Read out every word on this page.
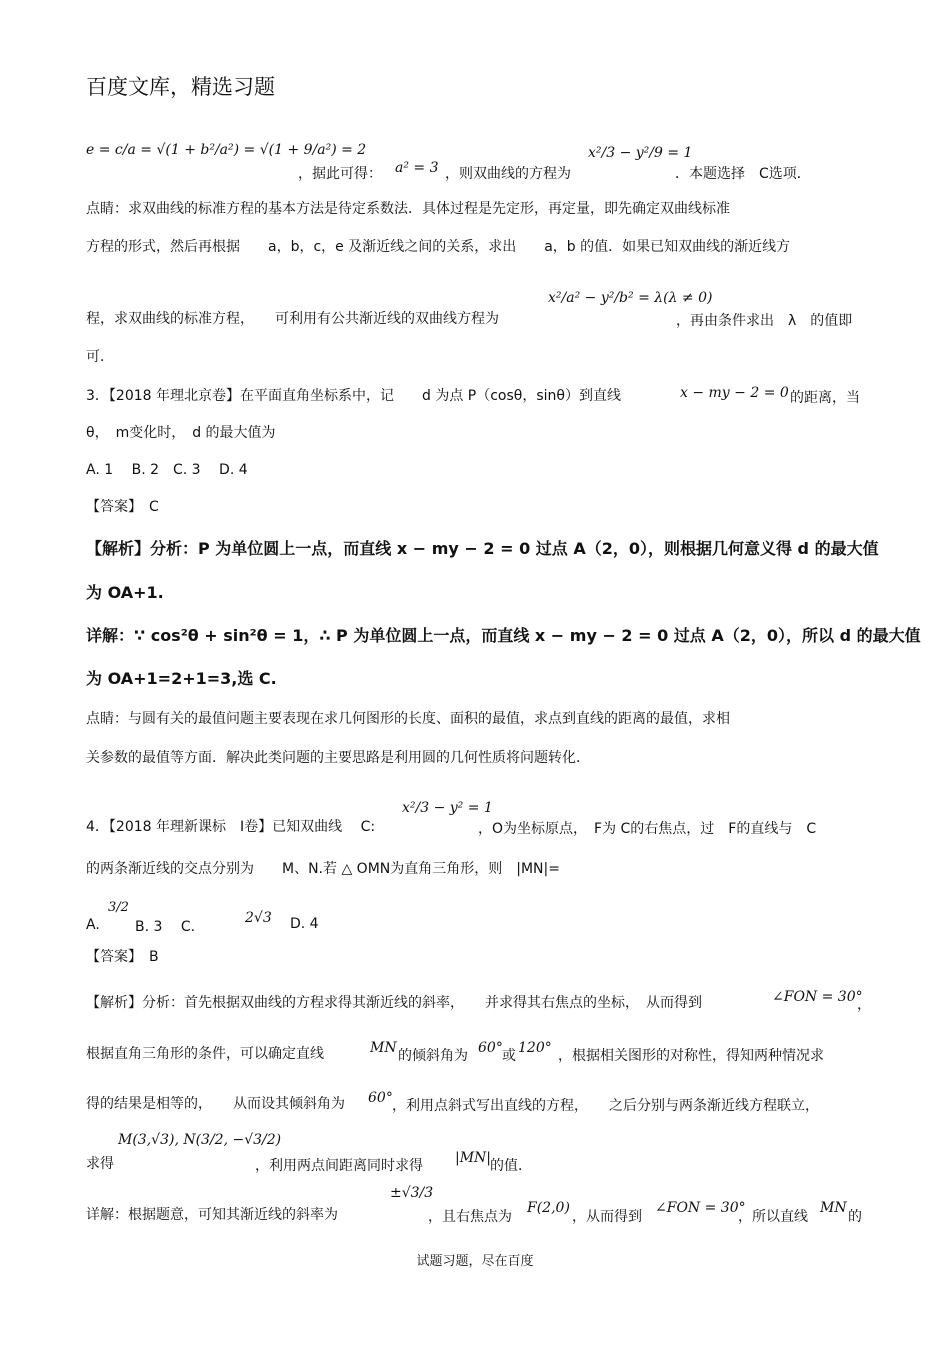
百度文库，精选习题
e = c/a = √(1 + b²/a²) = √(1 + 9/a²) = 2
，据此可得： a² = 3 ，则双曲线的方程为
x²/3 − y²/9 = 1
．本题选择　C选项．
点睛：求双曲线的标准方程的基本方法是待定系数法．具体过程是先定形，再定量，即先确定双曲线标准
方程的形式，然后再根据　　a，b，c，e 及渐近线之间的关系，求出　　a，b 的值．如果已知双曲线的渐近线方
程，求双曲线的标准方程，　　可利用有公共渐近线的双曲线方程为
x²/a² − y²/b² = λ(λ ≠ 0)
，再由条件求出　λ　的值即
可．
3．【2018 年理北京卷】在平面直角坐标系中，记　　d 为点 P（cosθ，sinθ）到直线	x − my − 2 = 0 的距离，当
θ，　m变化时，　d 的最大值为
A. 1　 B. 2　C. 3　 D. 4
【答案】　C
【解析】分析：P 为单位圆上一点，而直线 x − my − 2 = 0 过点 A（2，0），则根据几何意义得 d 的最大值
为 OA+1.
详解：∵ cos²θ + sin²θ = 1，∴ P 为单位圆上一点，而直线 x − my − 2 = 0 过点 A（2，0），所以 d 的最大值
为 OA+1=2+1=3,选 C.
点睛：与圆有关的最值问题主要表现在求几何图形的长度、面积的最值，求点到直线的距离的最值，求相
关参数的最值等方面．解决此类问题的主要思路是利用圆的几何性质将问题转化．
4．【2018 年理新课标　Ⅰ卷】已知双曲线　 C:
x²/3 − y² = 1
，O为坐标原点，　F为 C的右焦点，过　F的直线与　C
的两条渐近线的交点分别为　　M、N.若 △ OMN为直角三角形，则　|MN|=
A.
3/2
B. 3　 C.
2√3 D. 4
【答案】　B
【解析】分析：首先根据双曲线的方程求得其渐近线的斜率，　　并求得其右焦点的坐标，　从而得到	∠FON = 30°
，
根据直角三角形的条件，可以确定直线	MN 的倾斜角为 60° 或 120° ，根据相关图形的对称性，得知两种情况求
得的结果是相等的，　　从而设其倾斜角为 60° ，利用点斜式写出直线的方程，　　之后分别与两条渐近线方程联立，
求得
M(3,√3), N(3/2, −√3/2)
，利用两点间距离同时求得 |MN|
的值．
详解：根据题意，可知其渐近线的斜率为
±√3/3
，且右焦点为
F(2,0)
，从而得到
∠FON = 30°
，所以直线
MN
的
试题习题，尽在百度
